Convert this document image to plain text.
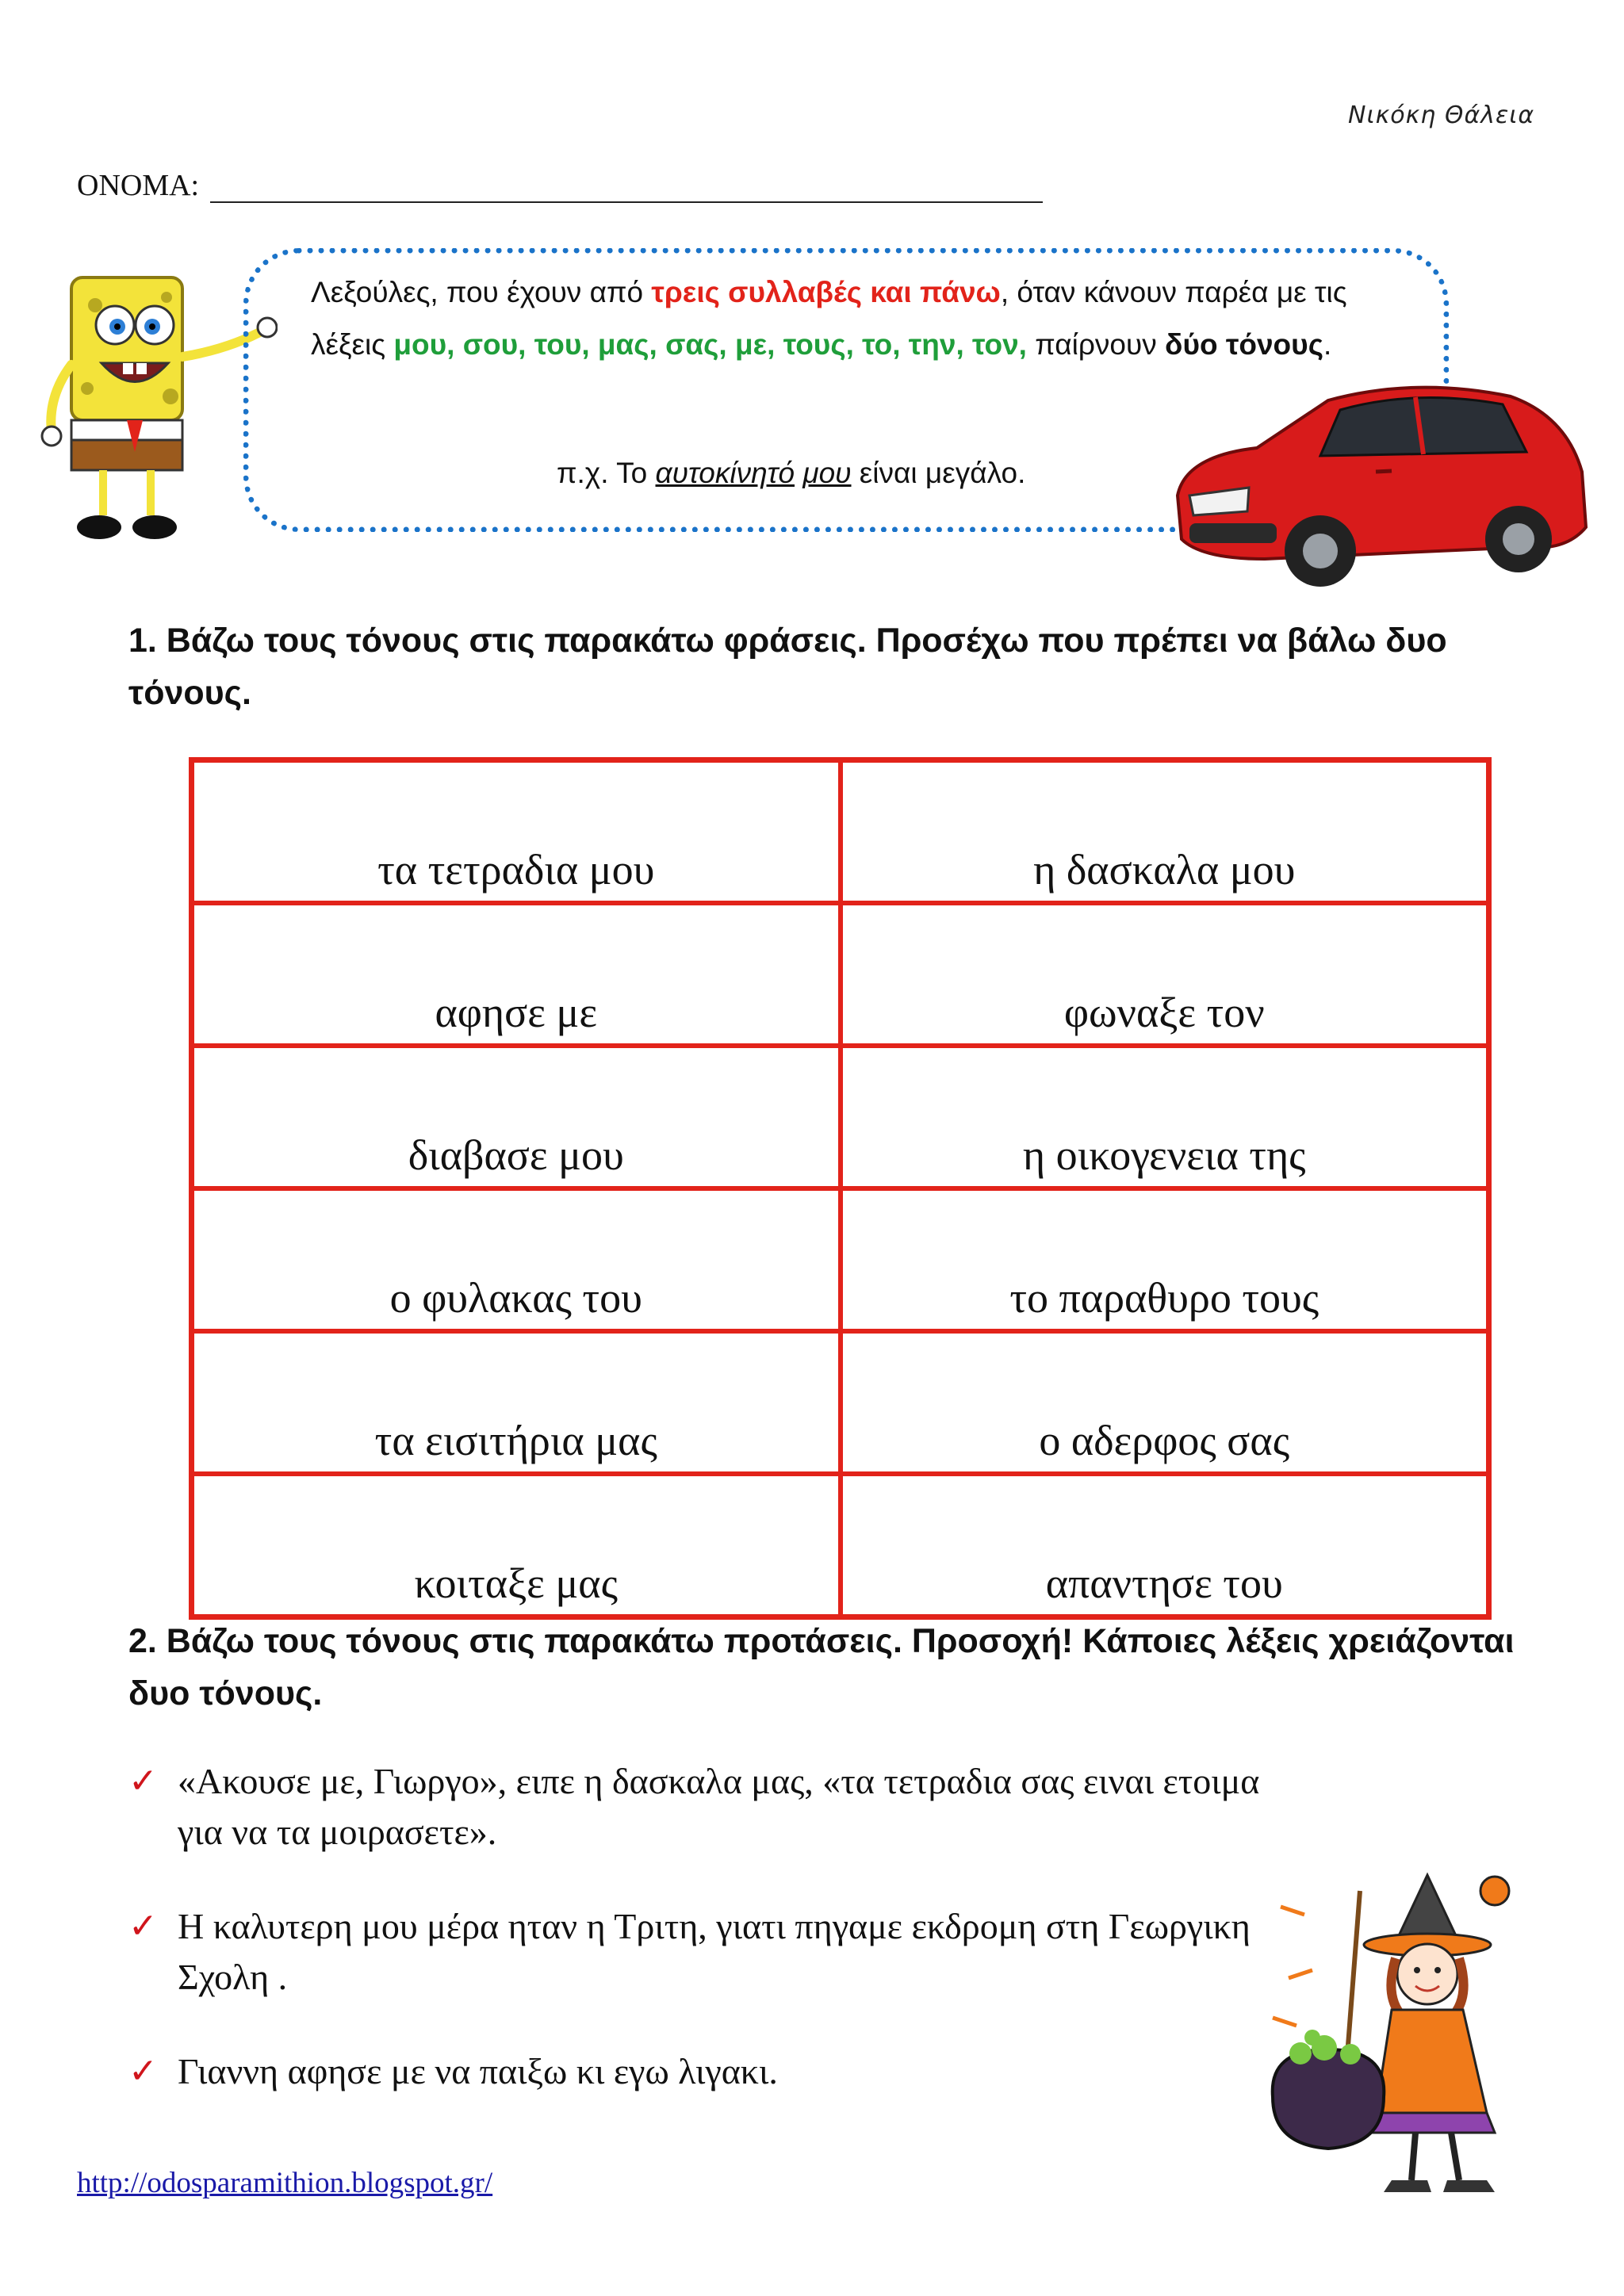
Νικόκη Θάλεια
ΟΝΟΜΑ:
Λεξούλες, που έχουν από τρεις συλλαβές και πάνω, όταν κάνουν παρέα με τις λέξεις μου, σου, του, μας, σας, με, τους, το, την, τον, παίρνουν δύο τόνους.
π.χ. Το αυτοκίνητό μου είναι μεγάλο.
1. Βάζω τους τόνους στις παρακάτω φράσεις. Προσέχω που πρέπει να βάλω δυο τόνους.
τα τετραδια μου	η δασκαλα μου
αφησε με	φωναξε τον
διαβασε μου	η οικογενεια της
ο φυλακας του	το παραθυρο τους
τα εισιτήρια μας	ο αδερφος σας
κοιταξε μας	απαντησε του
2. Βάζω τους τόνους στις παρακάτω προτάσεις. Προσοχή! Κάποιες λέξεις χρειάζονται δυο τόνους.
✓ «Ακουσε με, Γιωργο», ειπε η δασκαλα μας, «τα τετραδια σας ειναι ετοιμα για να τα μοιρασετε».
✓ Η καλυτερη μου μέρα ηταν η Τριτη, γιατι πηγαμε εκδρομη στη Γεωργικη Σχολη .
✓ Γιαννη αφησε με να παιξω κι εγω λιγακι.
http://odosparamithion.blogspot.gr/
